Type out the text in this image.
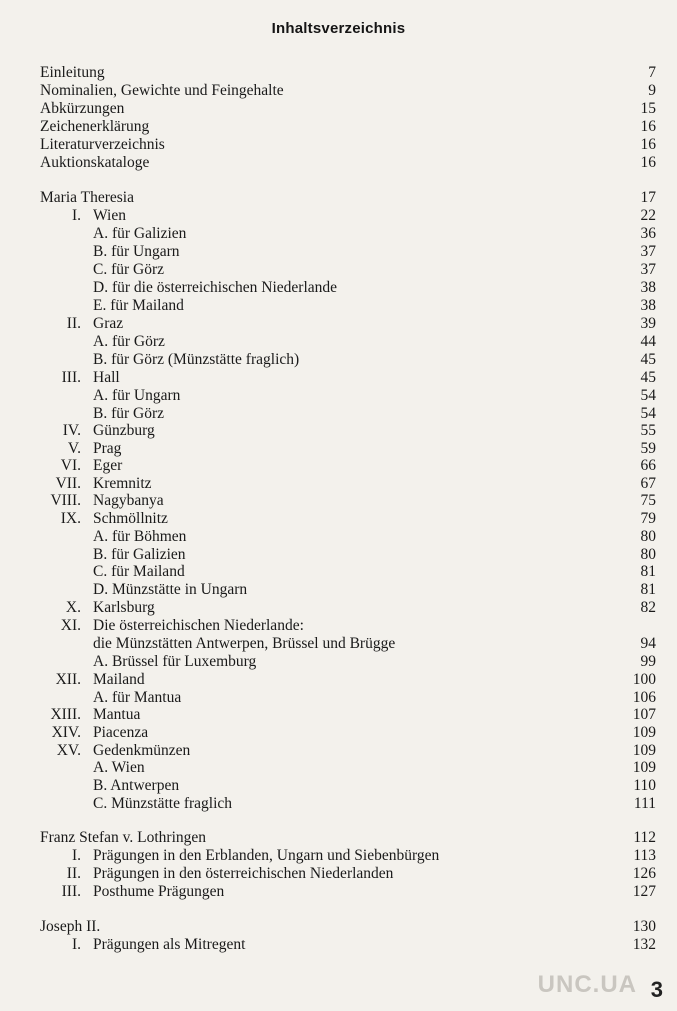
Inhaltsverzeichnis
Einleitung	7
Nominalien, Gewichte und Feingehalte	9
Abkürzungen	15
Zeichenerklärung	16
Literaturverzeichnis	16
Auktionskataloge	16
Maria Theresia	17
I. Wien	22
A. für Galizien	36
B. für Ungarn	37
C. für Görz	37
D. für die österreichischen Niederlande	38
E. für Mailand	38
II. Graz	39
A. für Görz	44
B. für Görz (Münzstätte fraglich)	45
III. Hall	45
A. für Ungarn	54
B. für Görz	54
IV. Günzburg	55
V. Prag	59
VI. Eger	66
VII. Kremnitz	67
VIII. Nagybanya	75
IX. Schmöllnitz	79
A. für Böhmen	80
B. für Galizien	80
C. für Mailand	81
D. Münzstätte in Ungarn	81
X. Karlsburg	82
XI. Die österreichischen Niederlande:
die Münzstätten Antwerpen, Brüssel und Brügge	94
A. Brüssel für Luxemburg	99
XII. Mailand	100
A. für Mantua	106
XIII. Mantua	107
XIV. Piacenza	109
XV. Gedenkmünzen	109
A. Wien	109
B. Antwerpen	110
C. Münzstätte fraglich	111
Franz Stefan v. Lothringen	112
I. Prägungen in den Erblanden, Ungarn und Siebenbürgen	113
II. Prägungen in den österreichischen Niederlanden	126
III. Posthume Prägungen	127
Joseph II.	130
I. Prägungen als Mitregent	132
UNC.UA 3
